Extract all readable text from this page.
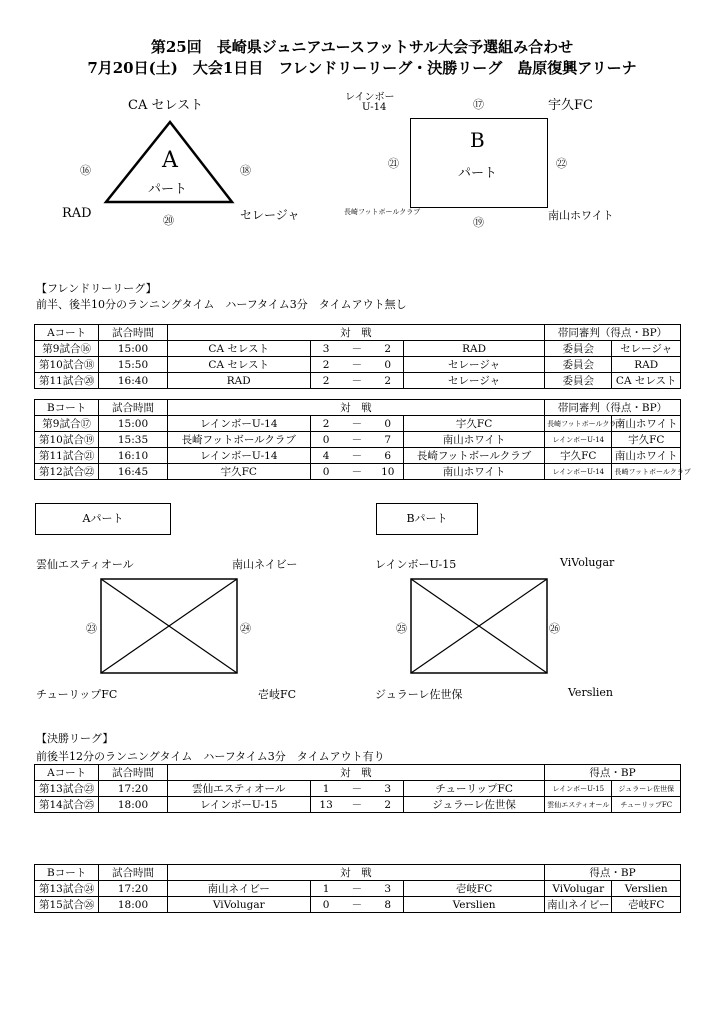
第25回　長崎県ジュニアユースフットサル大会予選組み合わせ
7月20日(土)　大会1日目　フレンドリーリーグ・決勝リーグ　島原復興アリーナ
A
パート
CA セレスト
RAD	セレージャ
⑯	⑱
⑳
B
パート
レインボー
U-14	宇久FC
長崎フットボールクラブ	南山ホワイト
⑰
㉑	㉒
⑲
【フレンドリーリーグ】
前半、後半10分のランニングタイム　ハーフタイム3分　タイムアウト無し
Aコート	試合時間	対　戦					帯同審判（得点・BP）	
第9試合⑯	15:00	CA セレスト	3	－	2	RAD	委員会	セレージャ
第10試合⑱	15:50	CA セレスト	2	－	0	セレージャ	委員会	RAD
第11試合⑳	16:40	RAD	2	－	2	セレージャ	委員会	CA セレスト
Bコート	試合時間	対　戦					帯同審判（得点・BP）	
第9試合⑰	15:00	レインボーU-14	2	－	0	宇久FC	長崎フットボールクラブ	南山ホワイト
第10試合⑲	15:35	長崎フットボールクラブ	0	－	7	南山ホワイト	レインボーU-14	宇久FC
第11試合㉑	16:10	レインボーU-14	4	－	6	長崎フットボールクラブ	宇久FC	南山ホワイト
第12試合㉒	16:45	宇久FC	0	－	10	南山ホワイト	レインボーU-14	長崎フットボールクラブ
Aパート	Bパート
雲仙エスティオール	南山ネイビー
チューリップFC	壱岐FC
㉓	㉔
レインボーU-15	ViVolugar
ジュラーレ佐世保	Verslien
㉕	㉖
【決勝リーグ】
前後半12分のランニングタイム　ハーフタイム3分　タイムアウト有り
Aコート	試合時間	対　戦					得点・BP	
第13試合㉓	17:20	雲仙エスティオール	1	－	3	チューリップFC	レインボーU-15	ジュラーレ佐世保
第14試合㉕	18:00	レインボーU-15	13	－	2	ジュラーレ佐世保	雲仙エスティオール	チューリップFC
Bコート	試合時間	対　戦					得点・BP	
第13試合㉔	17:20	南山ネイビー	1	－	3	壱岐FC	ViVolugar	Verslien
第15試合㉖	18:00	ViVolugar	0	－	8	Verslien	南山ネイビー	壱岐FC
